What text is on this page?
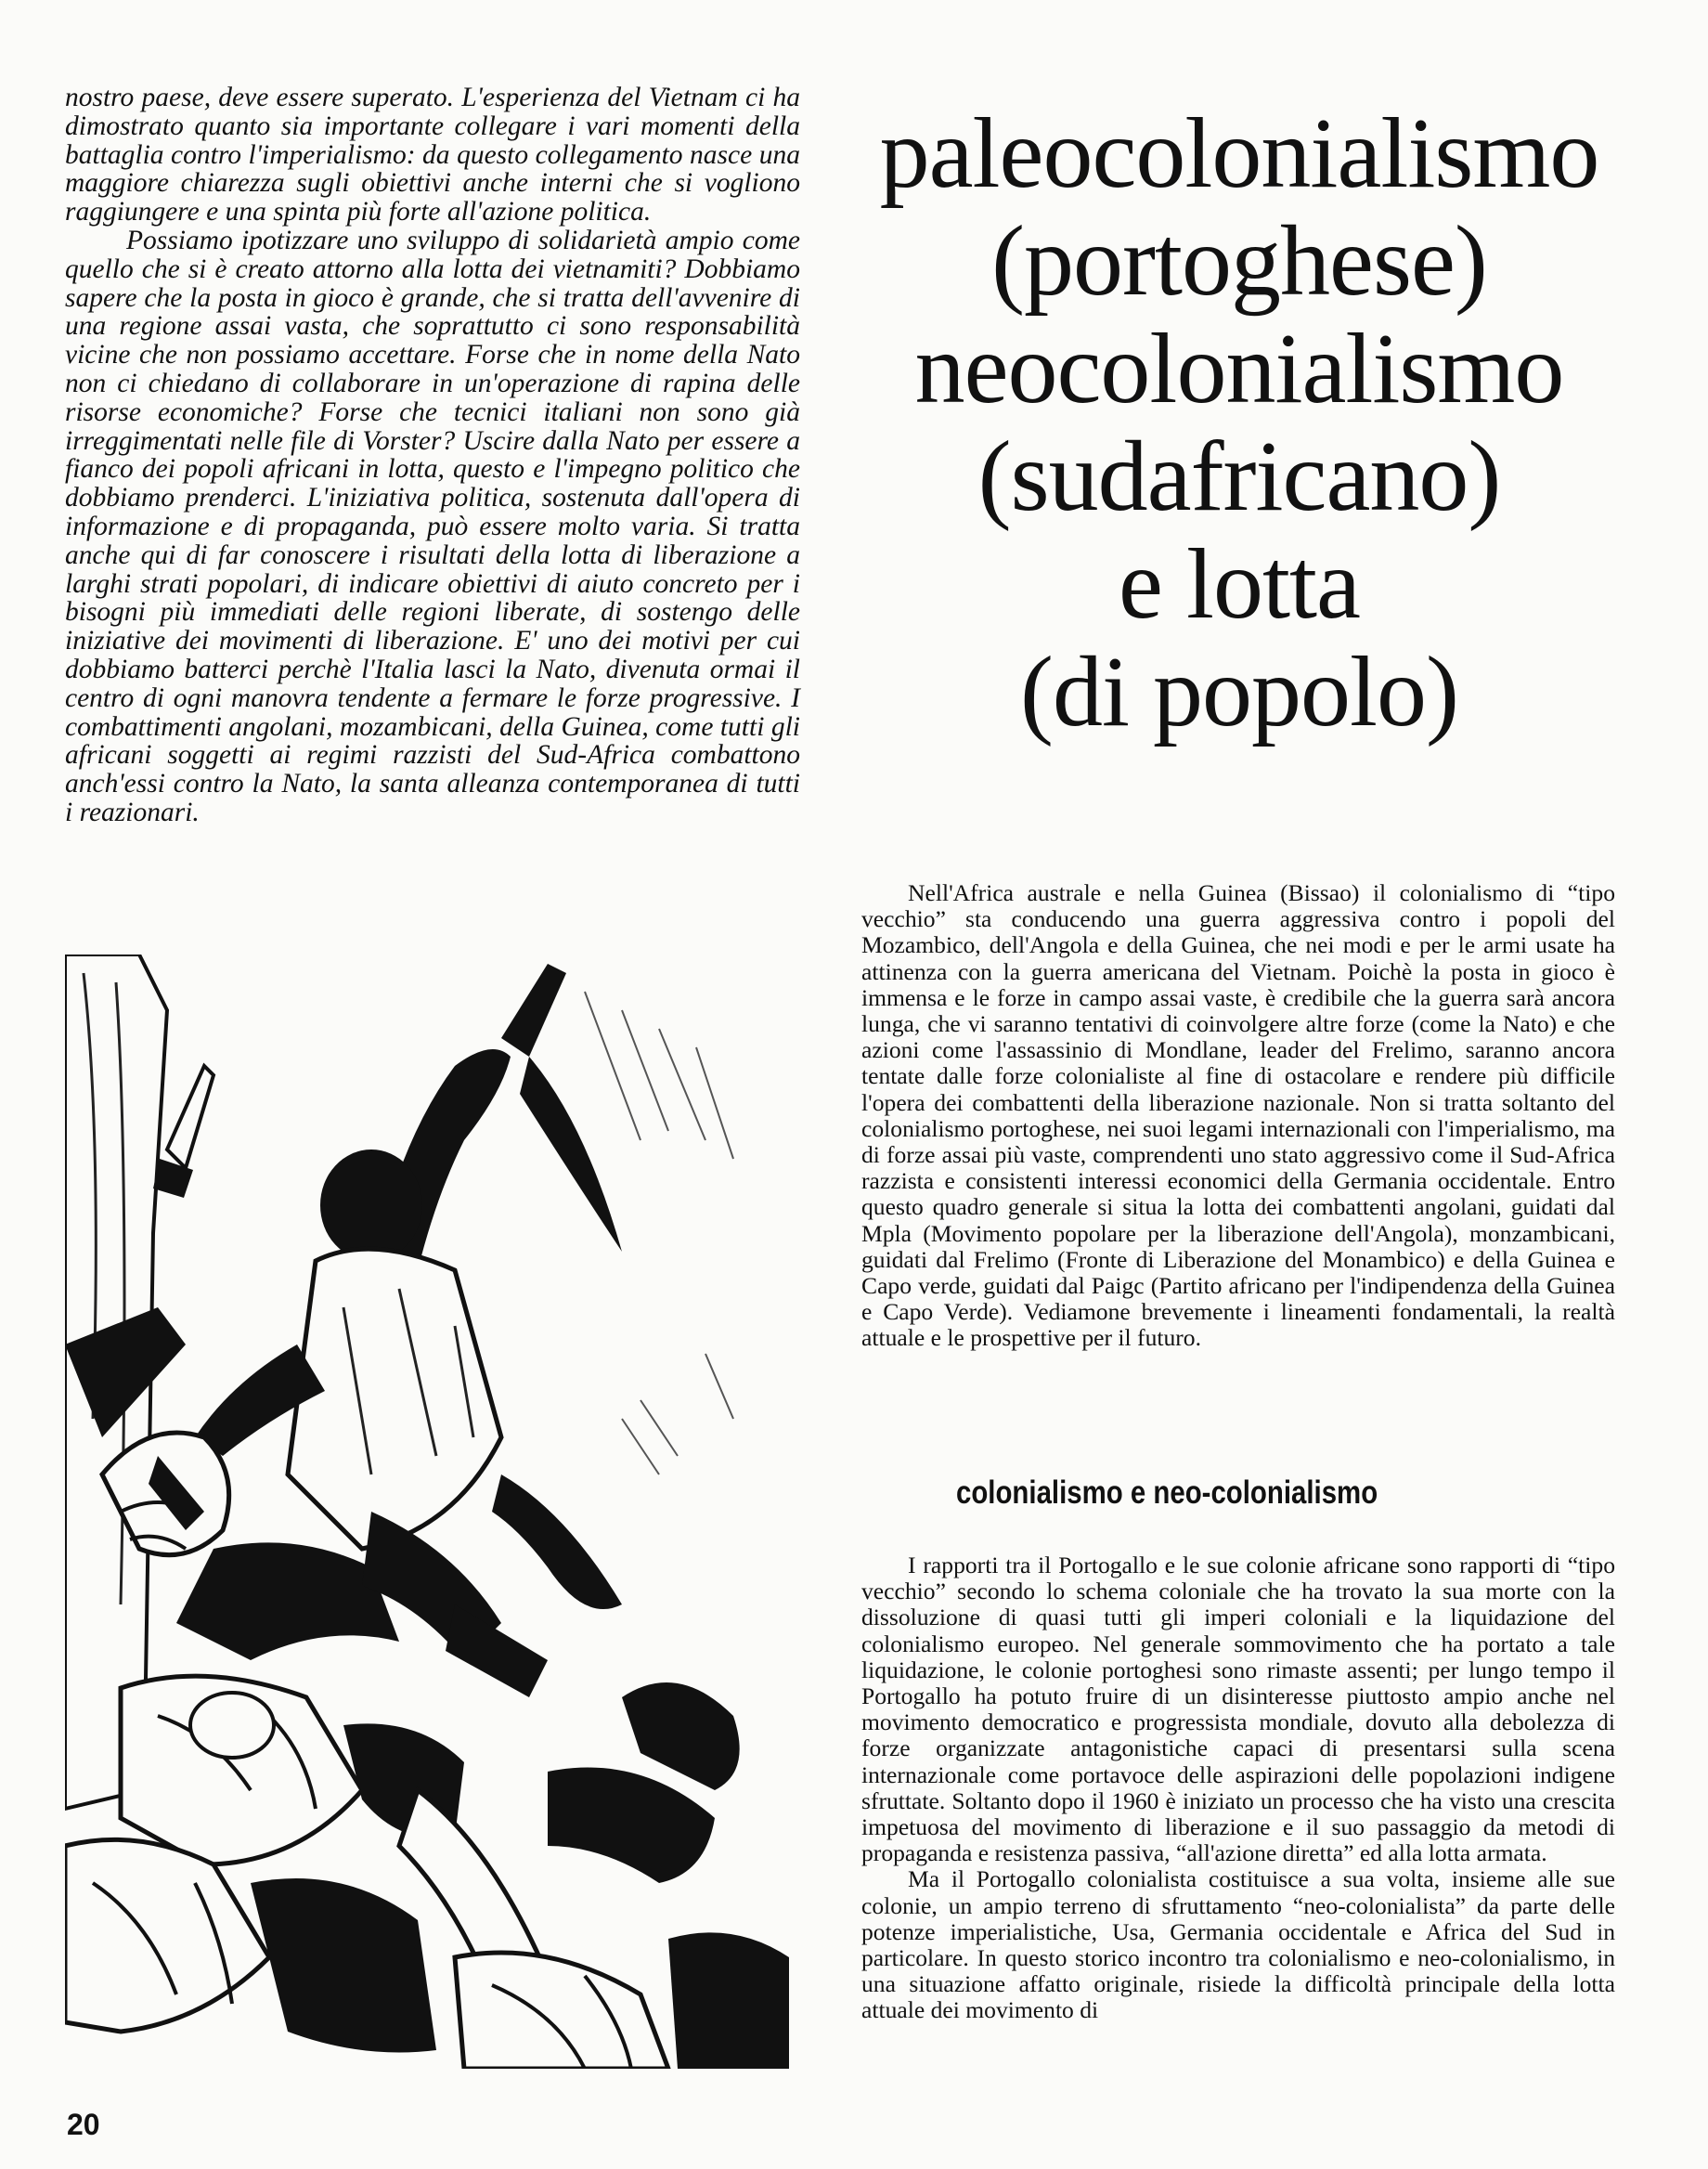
nostro paese, deve essere superato. L'esperienza del Vietnam ci ha dimostrato quanto sia importante collegare i vari momenti della battaglia contro l'imperialismo: da questo collegamento nasce una maggiore chiarezza sugli obiettivi anche interni che si vogliono raggiungere e una spinta più forte all'azione politica.

Possiamo ipotizzare uno sviluppo di solidarietà ampio come quello che si è creato attorno alla lotta dei vietnamiti? Dobbiamo sapere che la posta in gioco è grande, che si tratta dell'avvenire di una regione assai vasta, che soprattutto ci sono responsabilità vicine che non possiamo accettare. Forse che in nome della Nato non ci chiedano di collaborare in un'operazione di rapina delle risorse economiche? Forse che tecnici italiani non sono già irreggimentati nelle file di Vorster? Uscire dalla Nato per essere a fianco dei popoli africani in lotta, questo e l'impegno politico che dobbiamo prenderci. L'iniziativa politica, sostenuta dall'opera di informazione e di propaganda, può essere molto varia. Si tratta anche qui di far conoscere i risultati della lotta di liberazione a larghi strati popolari, di indicare obiettivi di aiuto concreto per i bisogni più immediati delle regioni liberate, di sostengo delle iniziative dei movimenti di liberazione. E' uno dei motivi per cui dobbiamo batterci perchè l'Italia lasci la Nato, divenuta ormai il centro di ogni manovra tendente a fermare le forze progressive. I combattimenti angolani, mozambicani, della Guinea, come tutti gli africani soggetti ai regimi razzisti del Sud-Africa combattono anch'essi contro la Nato, la santa alleanza contemporanea di tutti i reazionari.

20
paleocolonialismo
(portoghese)
neocolonialismo
(sudafricano)
e lotta
(di popolo)

Nell'Africa australe e nella Guinea (Bissao) il colonialismo di “tipo vecchio” sta conducendo una guerra aggressiva contro i popoli del Mozambico, dell'Angola e della Guinea, che nei modi e per le armi usate ha attinenza con la guerra americana del Vietnam. Poichè la posta in gioco è immensa e le forze in campo assai vaste, è credibile che la guerra sarà ancora lunga, che vi saranno tentativi di coinvolgere altre forze (come la Nato) e che azioni come l'assassinio di Mondlane, leader del Frelimo, saranno ancora tentate dalle forze colonialiste al fine di ostacolare e rendere più difficile l'opera dei combattenti della liberazione nazionale. Non si tratta soltanto del colonialismo portoghese, nei suoi legami internazionali con l'imperialismo, ma di forze assai più vaste, comprendenti uno stato aggressivo come il Sud-Africa razzista e consistenti interessi economici della Germania occidentale. Entro questo quadro generale si situa la lotta dei combattenti angolani, guidati dal Mpla (Movimento popolare per la liberazione dell'Angola), monzambicani, guidati dal Frelimo (Fronte di Liberazione del Monambico) e della Guinea e Capo verde, guidati dal Paigc (Partito africano per l'indipendenza della Guinea e Capo Verde). Vediamone brevemente i lineamenti fondamentali, la realtà attuale e le prospettive per il futuro.

colonialismo e neo-colonialismo

I rapporti tra il Portogallo e le sue colonie africane sono rapporti di “tipo vecchio” secondo lo schema coloniale che ha trovato la sua morte con la dissoluzione di quasi tutti gli imperi coloniali e la liquidazione del colonialismo europeo. Nel generale sommovimento che ha portato a tale liquidazione, le colonie portoghesi sono rimaste assenti; per lungo tempo il Portogallo ha potuto fruire di un disinteresse piuttosto ampio anche nel movimento democratico e progressista mondiale, dovuto alla debolezza di forze organizzate antagonistiche capaci di presentarsi sulla scena internazionale come portavoce delle aspirazioni delle popolazioni indigene sfruttate. Soltanto dopo il 1960 è iniziato un processo che ha visto una crescita impetuosa del movimento di liberazione e il suo passaggio da metodi di propaganda e resistenza passiva, “all'azione diretta” ed alla lotta armata.

Ma il Portogallo colonialista costituisce a sua volta, insieme alle sue colonie, un ampio terreno di sfruttamento “neo-colonialista” da parte delle potenze imperialistiche, Usa, Germania occidentale e Africa del Sud in particolare. In questo storico incontro tra colonialismo e neo-colonialismo, in una situazione affatto originale, risiede la difficoltà principale della lotta attuale dei movimento di
